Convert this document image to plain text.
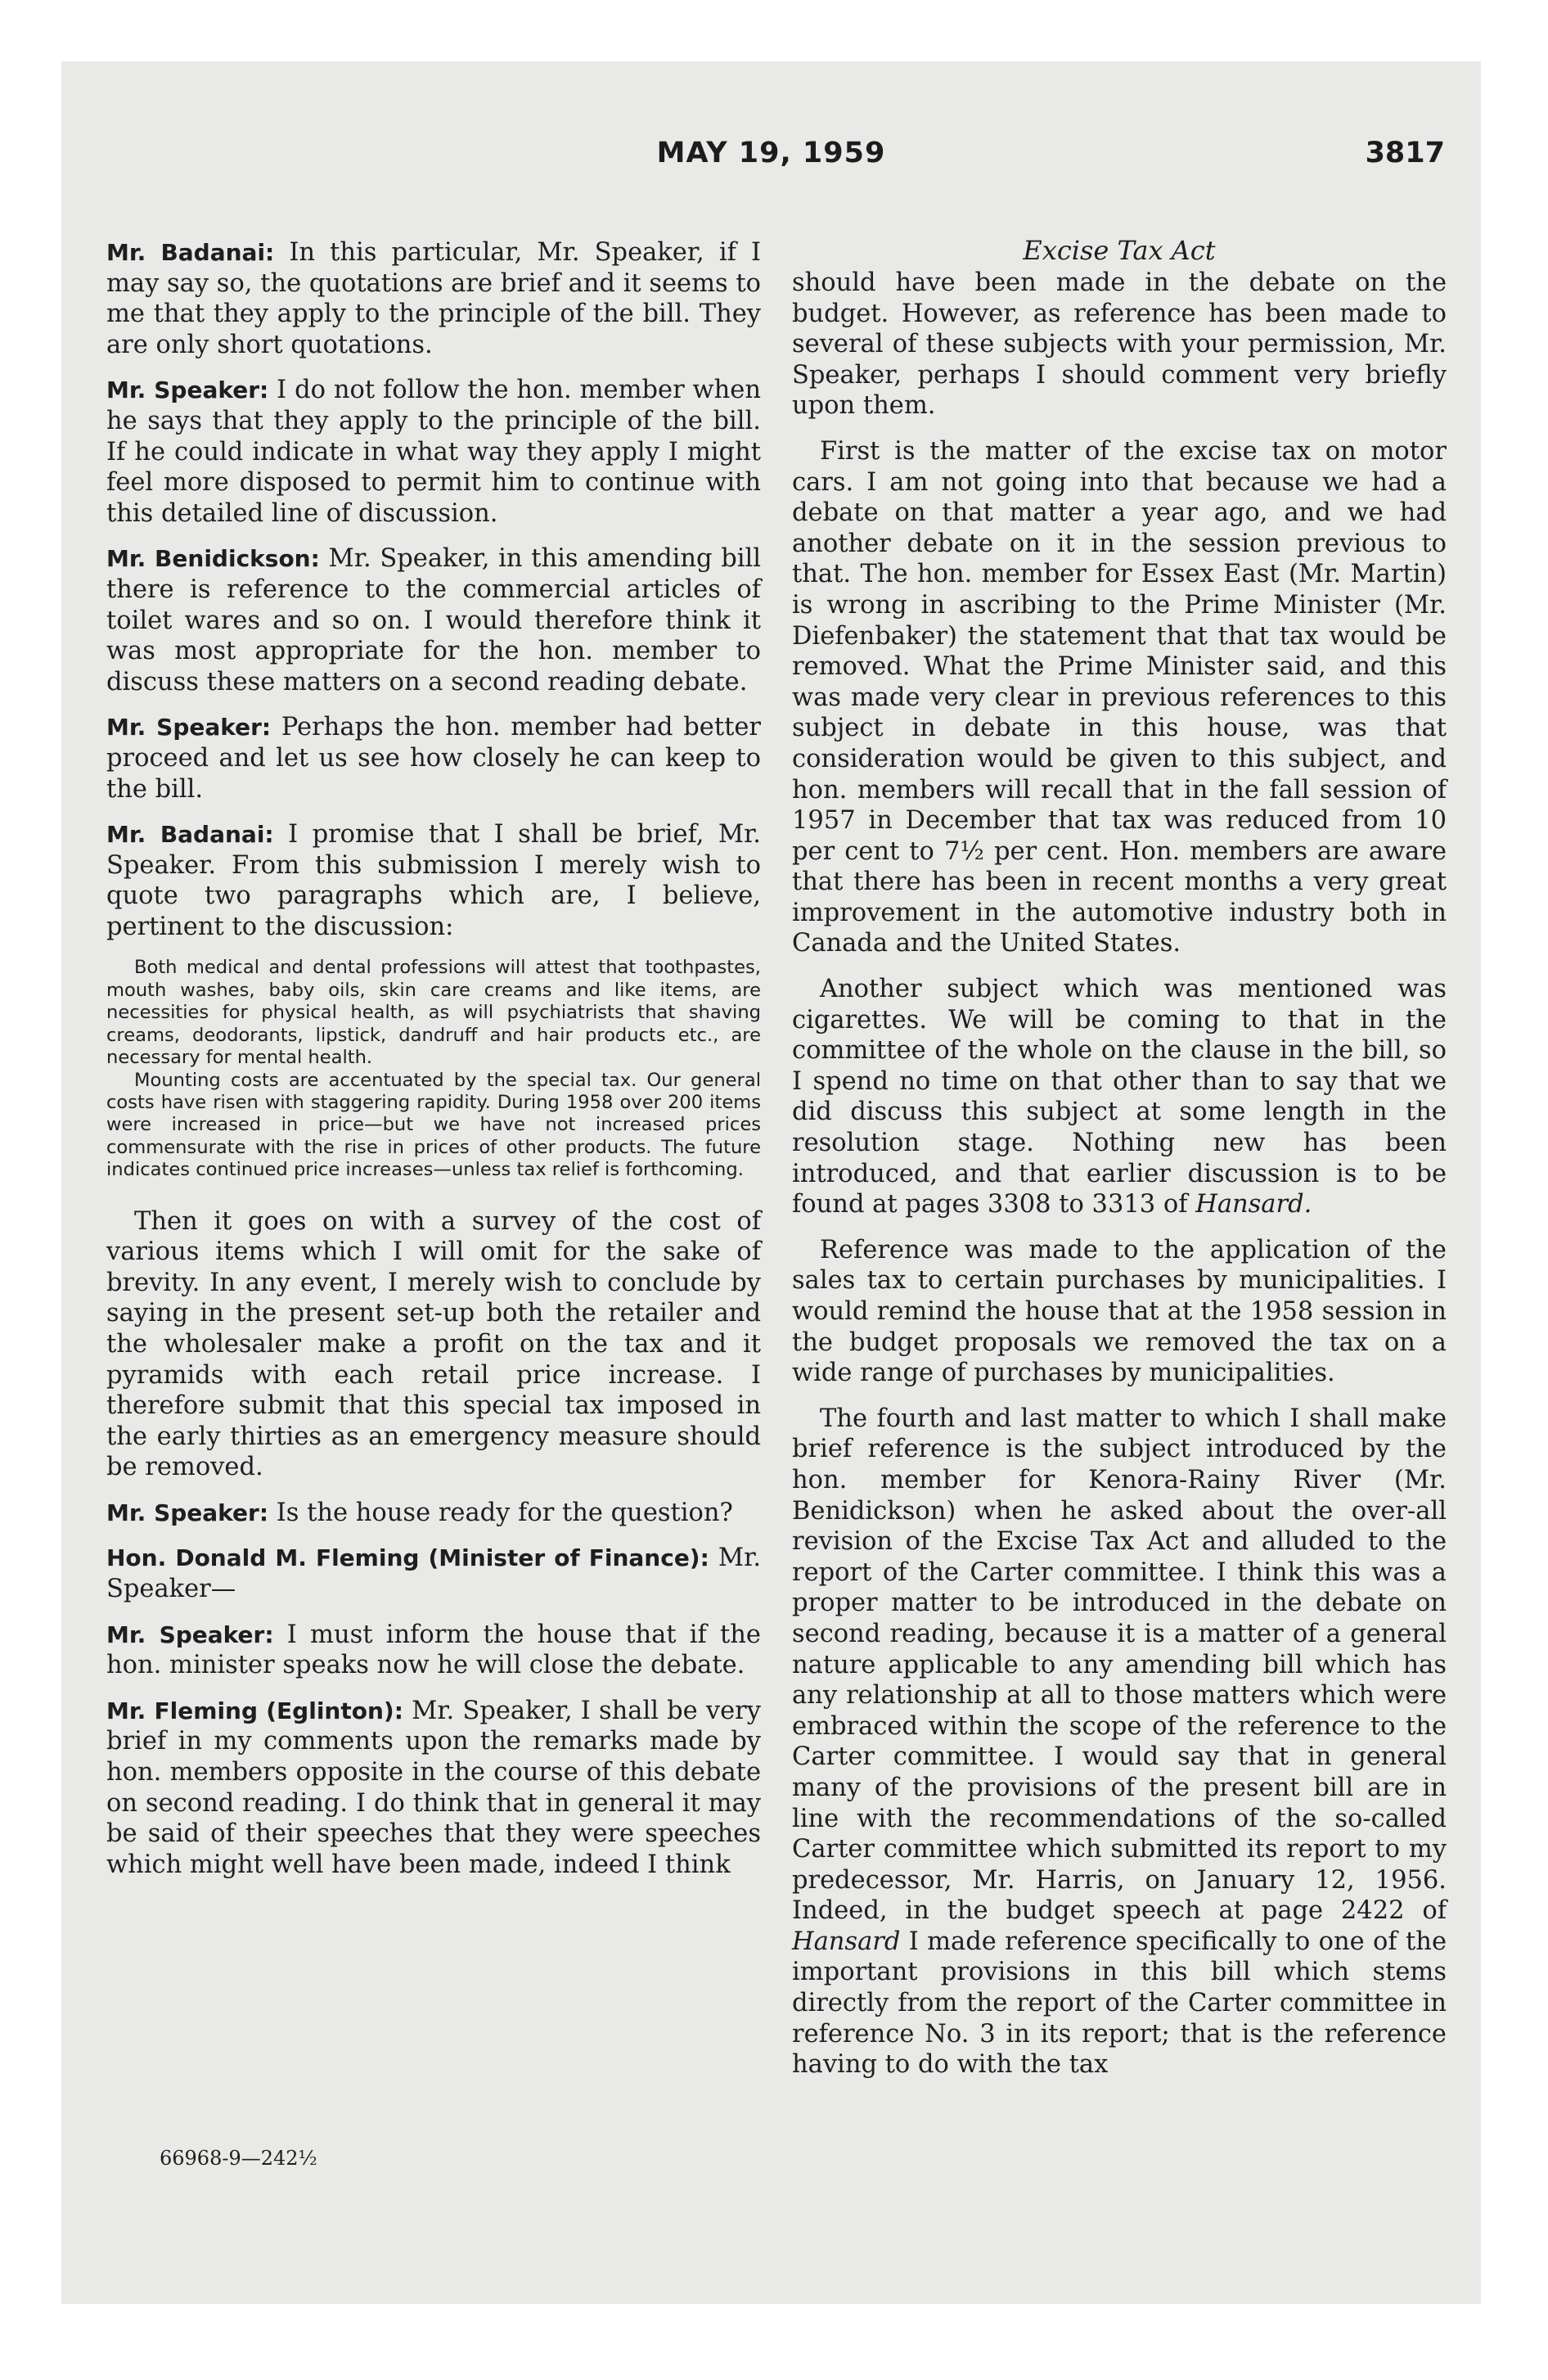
MAY 19, 1959	3817

Mr. Badanai: In this particular, Mr. Speaker, if I may say so, the quotations are brief and it seems to me that they apply to the principle of the bill. They are only short quotations.

Mr. Speaker: I do not follow the hon. member when he says that they apply to the principle of the bill. If he could indicate in what way they apply I might feel more disposed to permit him to continue with this detailed line of discussion.

Mr. Benidickson: Mr. Speaker, in this amending bill there is reference to the commercial articles of toilet wares and so on. I would therefore think it was most appropriate for the hon. member to discuss these matters on a second reading debate.

Mr. Speaker: Perhaps the hon. member had better proceed and let us see how closely he can keep to the bill.

Mr. Badanai: I promise that I shall be brief, Mr. Speaker. From this submission I merely wish to quote two paragraphs which are, I believe, pertinent to the discussion:

Both medical and dental professions will attest that toothpastes, mouth washes, baby oils, skin care creams and like items, are necessities for physical health, as will psychiatrists that shaving creams, deodorants, lipstick, dandruff and hair products etc., are necessary for mental health.

Mounting costs are accentuated by the special tax. Our general costs have risen with staggering rapidity. During 1958 over 200 items were increased in price—but we have not increased prices commensurate with the rise in prices of other products. The future indicates continued price increases—unless tax relief is forthcoming.

Then it goes on with a survey of the cost of various items which I will omit for the sake of brevity. In any event, I merely wish to conclude by saying in the present set-up both the retailer and the wholesaler make a profit on the tax and it pyramids with each retail price increase. I therefore submit that this special tax imposed in the early thirties as an emergency measure should be removed.

Mr. Speaker: Is the house ready for the question?

Hon. Donald M. Fleming (Minister of Finance): Mr. Speaker—

Mr. Speaker: I must inform the house that if the hon. minister speaks now he will close the debate.

Mr. Fleming (Eglinton): Mr. Speaker, I shall be very brief in my comments upon the remarks made by hon. members opposite in the course of this debate on second reading. I do think that in general it may be said of their speeches that they were speeches which might well have been made, indeed I think

Excise Tax Act

should have been made in the debate on the budget. However, as reference has been made to several of these subjects with your permission, Mr. Speaker, perhaps I should comment very briefly upon them.

First is the matter of the excise tax on motor cars. I am not going into that because we had a debate on that matter a year ago, and we had another debate on it in the session previous to that. The hon. member for Essex East (Mr. Martin) is wrong in ascribing to the Prime Minister (Mr. Diefenbaker) the statement that that tax would be removed. What the Prime Minister said, and this was made very clear in previous references to this subject in debate in this house, was that consideration would be given to this subject, and hon. members will recall that in the fall session of 1957 in December that tax was reduced from 10 per cent to 7½ per cent. Hon. members are aware that there has been in recent months a very great improvement in the automotive industry both in Canada and the United States.

Another subject which was mentioned was cigarettes. We will be coming to that in the committee of the whole on the clause in the bill, so I spend no time on that other than to say that we did discuss this subject at some length in the resolution stage. Nothing new has been introduced, and that earlier discussion is to be found at pages 3308 to 3313 of Hansard.

Reference was made to the application of the sales tax to certain purchases by municipalities. I would remind the house that at the 1958 session in the budget proposals we removed the tax on a wide range of purchases by municipalities.

The fourth and last matter to which I shall make brief reference is the subject introduced by the hon. member for Kenora-Rainy River (Mr. Benidickson) when he asked about the over-all revision of the Excise Tax Act and alluded to the report of the Carter committee. I think this was a proper matter to be introduced in the debate on second reading, because it is a matter of a general nature applicable to any amending bill which has any relationship at all to those matters which were embraced within the scope of the reference to the Carter committee. I would say that in general many of the provisions of the present bill are in line with the recommendations of the so-called Carter committee which submitted its report to my predecessor, Mr. Harris, on January 12, 1956. Indeed, in the budget speech at page 2422 of Hansard I made reference specifically to one of the important provisions in this bill which stems directly from the report of the Carter committee in reference No. 3 in its report; that is the reference having to do with the tax

66968-9—242½
